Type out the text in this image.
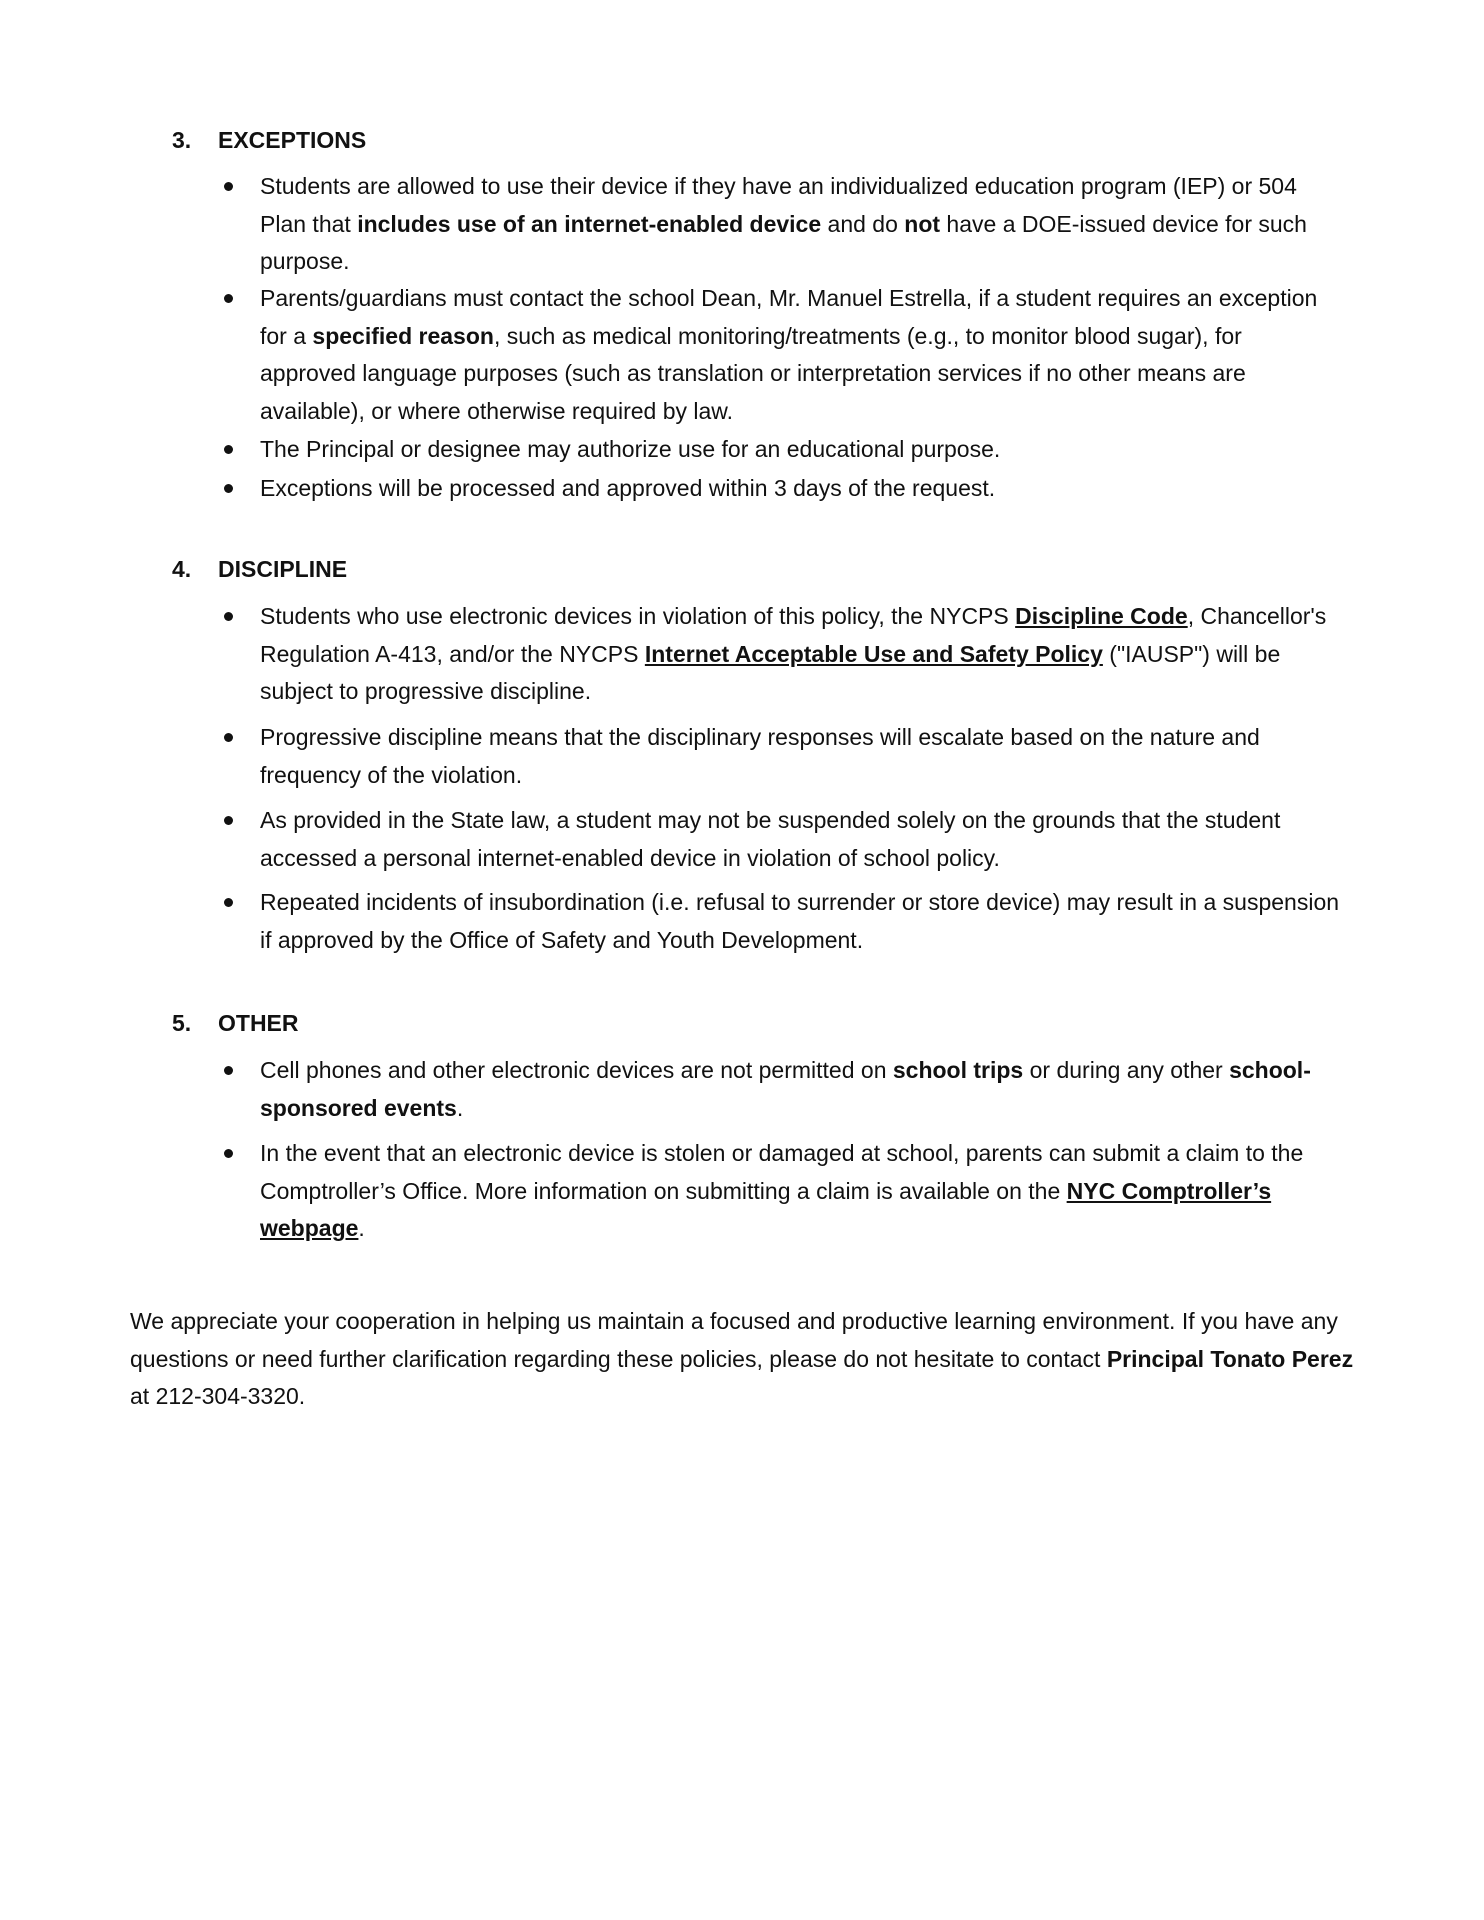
3. EXCEPTIONS
Students are allowed to use their device if they have an individualized education program (IEP) or 504 Plan that includes use of an internet-enabled device and do not have a DOE-issued device for such purpose.
Parents/guardians must contact the school Dean, Mr. Manuel Estrella, if a student requires an exception for a specified reason, such as medical monitoring/treatments (e.g., to monitor blood sugar), for approved language purposes (such as translation or interpretation services if no other means are available), or where otherwise required by law.
The Principal or designee may authorize use for an educational purpose.
Exceptions will be processed and approved within 3 days of the request.
4. DISCIPLINE
Students who use electronic devices in violation of this policy, the NYCPS Discipline Code, Chancellor's Regulation A-413, and/or the NYCPS Internet Acceptable Use and Safety Policy ("IAUSP") will be subject to progressive discipline.
Progressive discipline means that the disciplinary responses will escalate based on the nature and frequency of the violation.
As provided in the State law, a student may not be suspended solely on the grounds that the student accessed a personal internet-enabled device in violation of school policy.
Repeated incidents of insubordination (i.e. refusal to surrender or store device) may result in a suspension if approved by the Office of Safety and Youth Development.
5. OTHER
Cell phones and other electronic devices are not permitted on school trips or during any other school-sponsored events.
In the event that an electronic device is stolen or damaged at school, parents can submit a claim to the Comptroller’s Office. More information on submitting a claim is available on the NYC Comptroller’s webpage.

We appreciate your cooperation in helping us maintain a focused and productive learning environment. If you have any questions or need further clarification regarding these policies, please do not hesitate to contact Principal Tonato Perez at 212-304-3320.
